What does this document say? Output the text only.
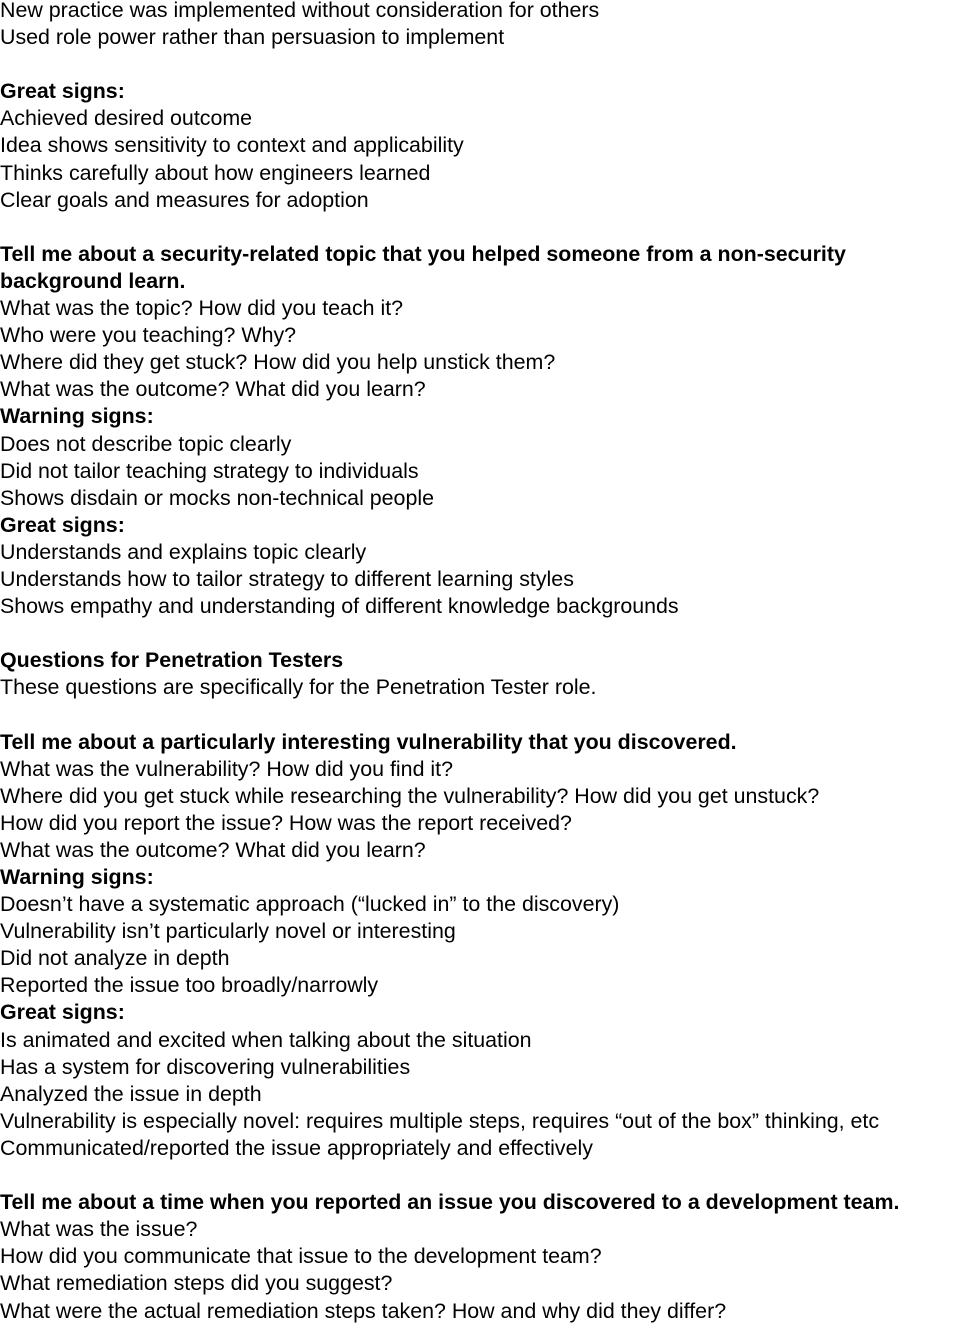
New practice was implemented without consideration for others
Used role power rather than persuasion to implement
Great signs:
Achieved desired outcome
Idea shows sensitivity to context and applicability
Thinks carefully about how engineers learned
Clear goals and measures for adoption
Tell me about a security-related topic that you helped someone from a non-security background learn.
What was the topic? How did you teach it?
Who were you teaching? Why?
Where did they get stuck? How did you help unstick them?
What was the outcome? What did you learn?
Warning signs:
Does not describe topic clearly
Did not tailor teaching strategy to individuals
Shows disdain or mocks non-technical people
Great signs:
Understands and explains topic clearly
Understands how to tailor strategy to different learning styles
Shows empathy and understanding of different knowledge backgrounds
Questions for Penetration Testers
These questions are specifically for the Penetration Tester role.
Tell me about a particularly interesting vulnerability that you discovered.
What was the vulnerability? How did you find it?
Where did you get stuck while researching the vulnerability? How did you get unstuck?
How did you report the issue? How was the report received?
What was the outcome? What did you learn?
Warning signs:
Doesn’t have a systematic approach (“lucked in” to the discovery)
Vulnerability isn’t particularly novel or interesting
Did not analyze in depth
Reported the issue too broadly/narrowly
Great signs:
Is animated and excited when talking about the situation
Has a system for discovering vulnerabilities
Analyzed the issue in depth
Vulnerability is especially novel: requires multiple steps, requires “out of the box” thinking, etc
Communicated/reported the issue appropriately and effectively
Tell me about a time when you reported an issue you discovered to a development team.
What was the issue?
How did you communicate that issue to the development team?
What remediation steps did you suggest?
What were the actual remediation steps taken? How and why did they differ?
